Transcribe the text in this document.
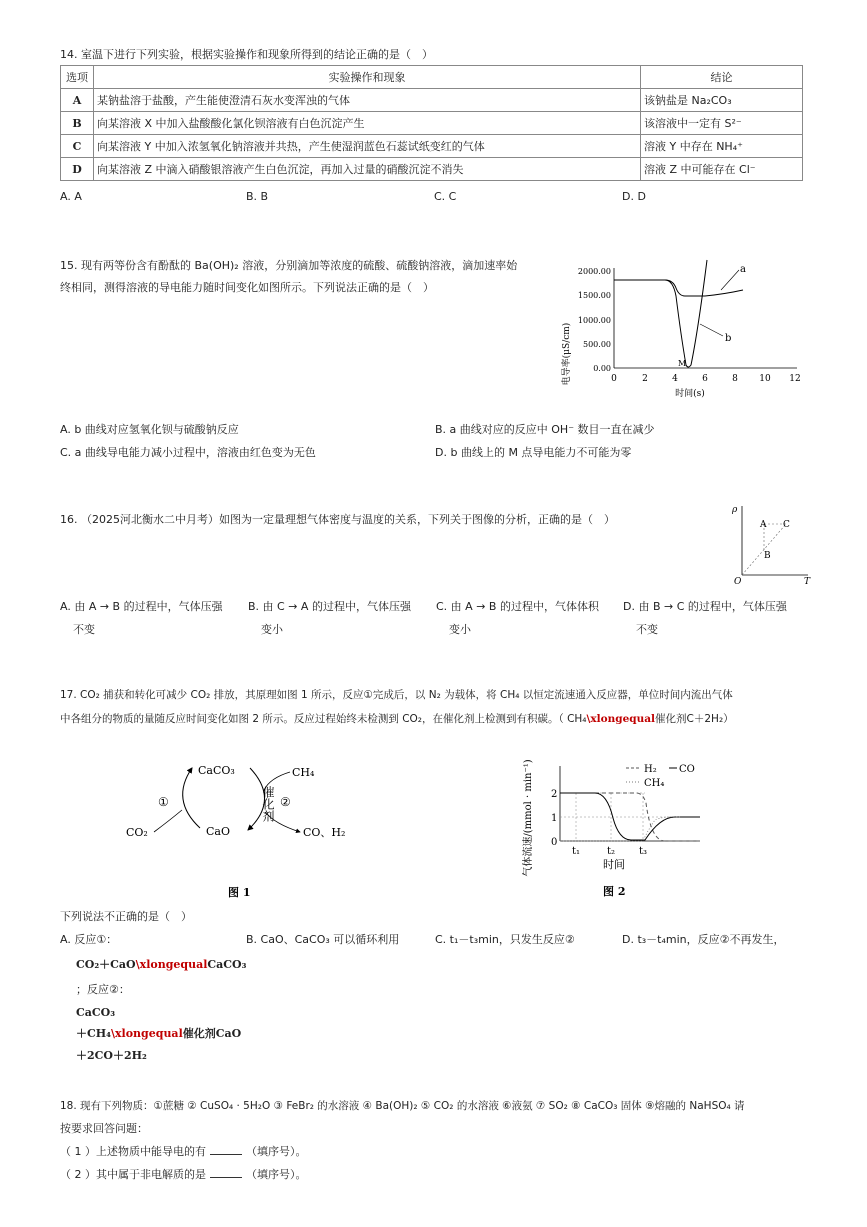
14. 室温下进行下列实验，根据实验操作和现象所得到的结论正确的是（　）
选项	实验操作和现象	结论
A	某钠盐溶于盐酸，产生能使澄清石灰水变浑浊的气体	该钠盐是 Na₂CO₃
B	向某溶液 X 中加入盐酸酸化氯化钡溶液有白色沉淀产生	该溶液中一定有 S²⁻
C	向某溶液 Y 中加入浓氢氧化钠溶液并共热，产生使湿润蓝色石蕊试纸变红的气体	溶液 Y 中存在 NH₄⁺
D	向某溶液 Z 中滴入硝酸银溶液产生白色沉淀，再加入过量的硝酸沉淀不消失	溶液 Z 中可能存在 Cl⁻
A. A	B. B	C. C	D. D
15. 现有两等份含有酚酞的 Ba(OH)₂ 溶液，分别滴加等浓度的硫酸、硫酸钠溶液，滴加速率始
终相同，测得溶液的导电能力随时间变化如图所示。下列说法正确的是（　）
电导率(μS/cm)	0.00
500.00
1000.00
1500.00
2000.00
0	2	4	6	8 10 12
时间(s)
a
b
M
A. b 曲线对应氢氧化钡与硫酸钠反应	B. a 曲线对应的反应中 OH⁻ 数目一直在减少
C. a 曲线导电能力减小过程中，溶液由红色变为无色	D. b 曲线上的 M 点导电能力不可能为零
16. （2025河北衡水二中月考）如图为一定量理想气体密度与温度的关系，下列关于图像的分析，正确的是（　）
ρ
T
O
A C
B
A. 由 A → B 的过程中，气体压强
不变
B. 由 C → A 的过程中，气体压强
变小
C. 由 A → B 的过程中，气体体积
变小
D. 由 B → C 的过程中，气体压强
不变
17. CO₂ 捕获和转化可减少 CO₂ 排放，其原理如图 1 所示，反应①完成后，以 N₂ 为载体，将 CH₄ 以恒定流速通入反应器，单位时间内流出气体
中各组分的物质的量随反应时间变化如图 2 所示。反应过程始终未检测到 CO₂，在催化剂上检测到有积碳。（ CH₄\xlongequal催化剂C＋2H₂）
CaCO₃
CaO
CO₂
CH₄
CO、H₂
①	②
催化剂
图 1
气体流速/(mmol · min⁻¹) 0
1
2
H₂ CO
CH₄
t₁	t₂ t₃
时间
图 2
下列说法不正确的是（　）
A. 反应①：
CO₂＋CaO\xlongequalCaCO₃
；反应②：
CaCO₃
＋CH₄\xlongequal催化剂CaO
＋2CO＋2H₂
B. CaO、CaCO₃ 可以循环利用	C. t₁－t₃min，只发生反应②	D. t₃－t₄min，反应②不再发生，
18. 现有下列物质：①蔗糖 ② CuSO₄ · 5H₂O ③ FeBr₂ 的水溶液 ④ Ba(OH)₂ ⑤ CO₂ 的水溶液 ⑥液氨 ⑦ SO₂ ⑧ CaCO₃ 固体 ⑨熔融的 NaHSO₄ 请
按要求回答问题：
（ 1 ）上述物质中能导电的有	（填序号）。
（ 2 ）其中属于非电解质的是	（填序号）。
